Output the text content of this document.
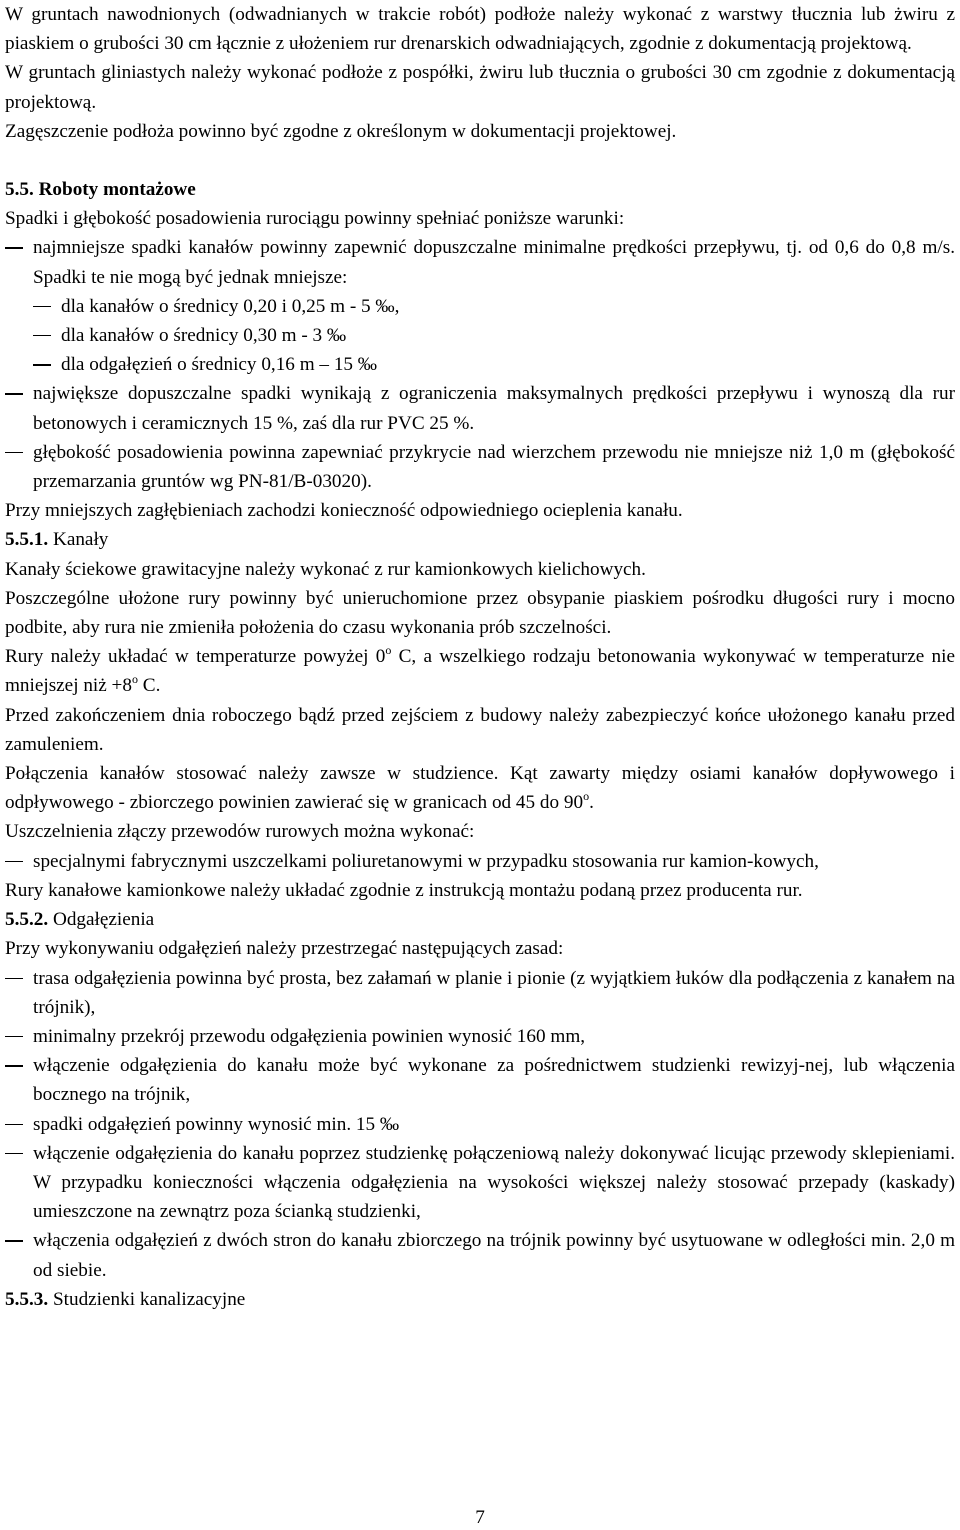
W gruntach nawodnionych (odwadnianych w trakcie robót) podłoże należy wykonać z warstwy tłucznia lub żwiru z piaskiem o grubości 30 cm łącznie z ułożeniem rur drenarskich odwadniających, zgodnie z dokumentacją projektową.

W gruntach gliniastych należy wykonać podłoże z pospółki, żwiru lub tłucznia o grubości 30 cm zgodnie z dokumentacją projektową.

Zagęszczenie podłoża powinno być zgodne z określonym w dokumentacji projektowej.

5.5. Roboty montażowe

Spadki i głębokość posadowienia rurociągu powinny spełniać poniższe warunki:

najmniejsze spadki kanałów powinny zapewnić dopuszczalne minimalne prędkości przepływu, tj. od 0,6 do 0,8 m/s. Spadki te nie mogą być jednak mniejsze:
dla kanałów o średnicy 0,20 i 0,25 m - 5 ‰,
dla kanałów o średnicy 0,30 m - 3 ‰
dla odgałęzień o średnicy 0,16 m – 15 ‰
największe dopuszczalne spadki wynikają z ograniczenia maksymalnych prędkości przepływu i wynoszą dla rur betonowych i ceramicznych 15 %, zaś dla rur PVC 25 %.
głębokość posadowienia powinna zapewniać przykrycie nad wierzchem przewodu nie mniejsze niż 1,0 m (głębokość przemarzania gruntów wg PN-81/B-03020).

Przy mniejszych zagłębieniach zachodzi konieczność odpowiedniego ocieplenia kanału.

5.5.1. Kanały

Kanały ściekowe grawitacyjne należy wykonać z rur kamionkowych kielichowych.

Poszczególne ułożone rury powinny być unieruchomione przez obsypanie piaskiem pośrodku długości rury i mocno podbite, aby rura nie zmieniła położenia do czasu wykonania prób szczelności.

Rury należy układać w temperaturze powyżej 0$^o$ C, a wszelkiego rodzaju betonowania wykonywać w temperaturze nie mniejszej niż $+8^o$ C.

Przed zakończeniem dnia roboczego bądź przed zejściem z budowy należy zabezpieczyć końce ułożonego kanału przed zamuleniem.

Połączenia kanałów stosować należy zawsze w studzience. Kąt zawarty między osiami kanałów dopływowego i odpływowego - zbiorczego powinien zawierać się w granicach od 45 do 90$^o$.

Uszczelnienia złączy przewodów rurowych można wykonać:

specjalnymi fabrycznymi uszczelkami poliuretanowymi w przypadku stosowania rur kamion-kowych,

Rury kanałowe kamionkowe należy układać zgodnie z instrukcją montażu podaną przez producenta rur.

5.5.2. Odgałęzienia

Przy wykonywaniu odgałęzień należy przestrzegać następujących zasad:

trasa odgałęzienia powinna być prosta, bez załamań w planie i pionie (z wyjątkiem łuków dla podłączenia z kanałem na trójnik),
minimalny przekrój przewodu odgałęzienia powinien wynosić 160 mm,
włączenie odgałęzienia do kanału może być wykonane za pośrednictwem studzienki rewizyj-nej, lub włączenia bocznego na trójnik,
spadki odgałęzień powinny wynosić min. 15 ‰
włączenie odgałęzienia do kanału poprzez studzienkę połączeniową należy dokonywać licując przewody sklepieniami. W przypadku konieczności włączenia odgałęzienia na wysokości większej należy stosować przepady (kaskady) umieszczone na zewnątrz poza ścianką studzienki,
włączenia odgałęzień z dwóch stron do kanału zbiorczego na trójnik powinny być usytuowane w odległości min. 2,0 m od siebie.

5.5.3. Studzienki kanalizacyjne

7
